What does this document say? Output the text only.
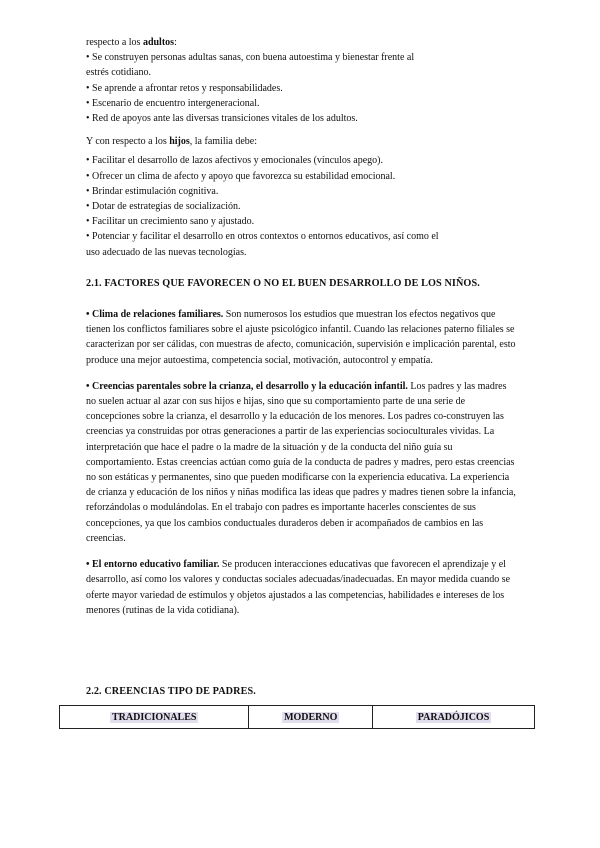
respecto a los adultos:

• Se construyen personas adultas sanas, con buena autoestima y bienestar frente al

estrés cotidiano.

• Se aprende a afrontar retos y responsabilidades.

• Escenario de encuentro intergeneracional.

• Red de apoyos ante las diversas transiciones vitales de los adultos.

Y con respecto a los hijos, la familia debe:

• Facilitar el desarrollo de lazos afectivos y emocionales (vínculos apego).

• Ofrecer un clima de afecto y apoyo que favorezca su estabilidad emocional.

• Brindar estimulación cognitiva.

• Dotar de estrategias de socialización.

• Facilitar un crecimiento sano y ajustado.

• Potenciar y facilitar el desarrollo en otros contextos o entornos educativos, así como el

uso adecuado de las nuevas tecnologías.

2.1. FACTORES QUE FAVORECEN O NO EL BUEN DESARROLLO DE LOS NIÑOS.

• Clima de relaciones familiares. Son numerosos los estudios que muestran los efectos negativos que tienen los conflictos familiares sobre el ajuste psicológico infantil. Cuando las relaciones paterno filiales se caracterizan por ser cálidas, con muestras de afecto, comunicación, supervisión e implicación parental, esto produce una mejor autoestima, competencia social, motivación, autocontrol y empatía.

• Creencias parentales sobre la crianza, el desarrollo y la educación infantil. Los padres y las madres no suelen actuar al azar con sus hijos e hijas, sino que su comportamiento parte de una serie de concepciones sobre la crianza, el desarrollo y la educación de los menores. Los padres co-construyen las creencias ya construidas por otras generaciones a partir de las experiencias socioculturales vividas. La interpretación que hace el padre o la madre de la situación y de la conducta del niño guía su comportamiento. Estas creencias actúan como guía de la conducta de padres y madres, pero estas creencias no son estáticas y permanentes, sino que pueden modificarse con la experiencia educativa. La experiencia de crianza y educación de los niños y niñas modifica las ideas que padres y madres tienen sobre la infancia, reforzándolas o modulándolas. En el trabajo con padres es importante hacerles conscientes de sus concepciones, ya que los cambios conductuales duraderos deben ir acompañados de cambios en las creencias.

• El entorno educativo familiar. Se producen interacciones educativas que favorecen el aprendizaje y el desarrollo, así como los valores y conductas sociales adecuadas/inadecuadas. En mayor medida cuando se oferte mayor variedad de estímulos y objetos ajustados a las competencias, habilidades e intereses de los menores (rutinas de la vida cotidiana).

2.2. CREENCIAS TIPO DE PADRES.

TRADICIONALES	MODERNO	PARADÓJICOS
